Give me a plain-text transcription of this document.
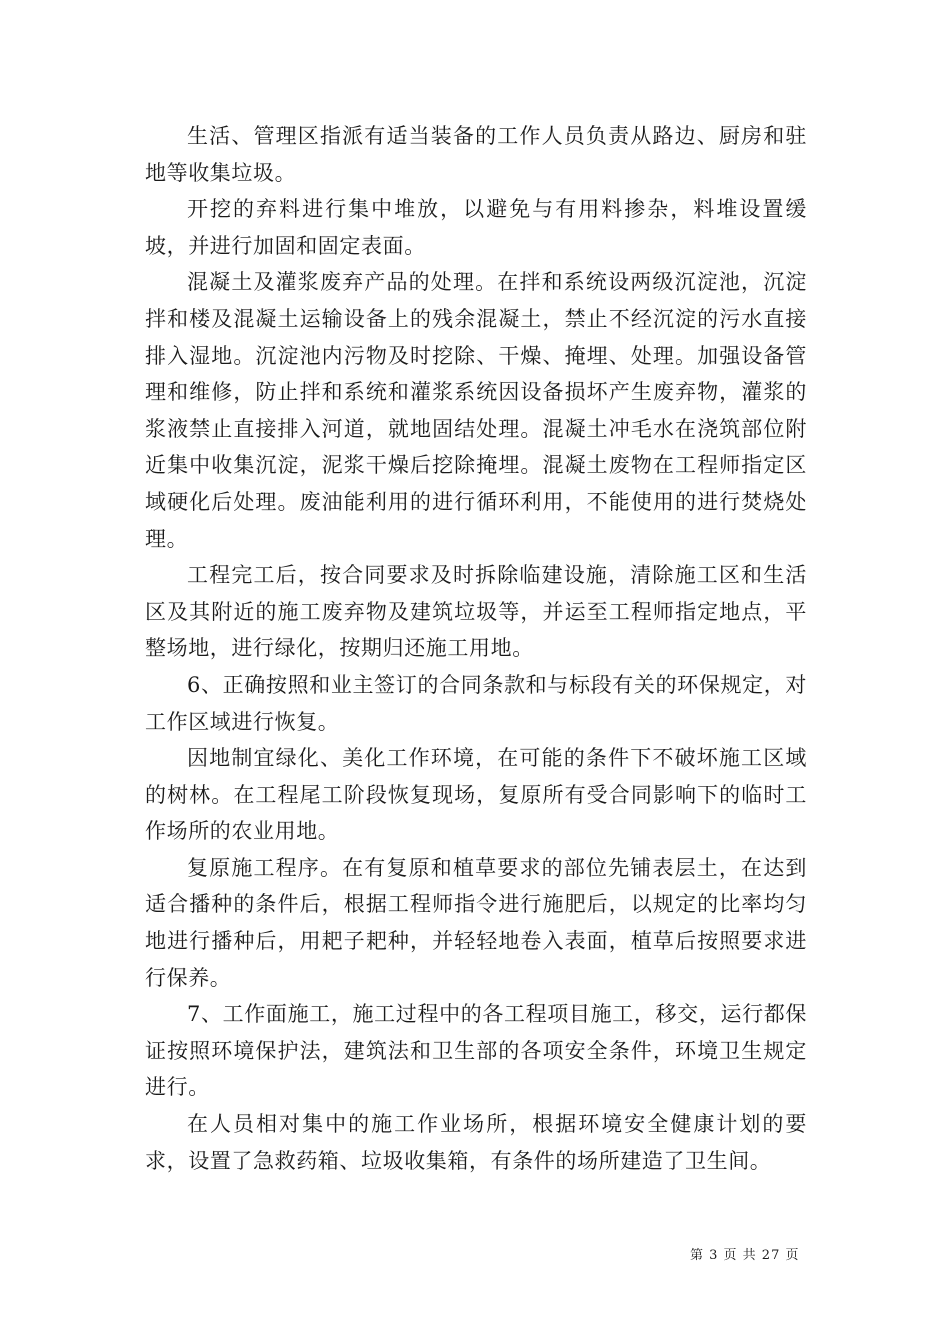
生活、管理区指派有适当装备的工作人员负责从路边、厨房和驻地等收集垃圾。

开挖的弃料进行集中堆放，以避免与有用料掺杂，料堆设置缓坡，并进行加固和固定表面。

混凝土及灌浆废弃产品的处理。在拌和系统设两级沉淀池，沉淀拌和楼及混凝土运输设备上的残余混凝土，禁止不经沉淀的污水直接排入湿地。沉淀池内污物及时挖除、干燥、掩埋、处理。加强设备管理和维修，防止拌和系统和灌浆系统因设备损坏产生废弃物，灌浆的浆液禁止直接排入河道，就地固结处理。混凝土冲毛水在浇筑部位附近集中收集沉淀，泥浆干燥后挖除掩埋。混凝土废物在工程师指定区域硬化后处理。废油能利用的进行循环利用，不能使用的进行焚烧处理。

工程完工后，按合同要求及时拆除临建设施，清除施工区和生活区及其附近的施工废弃物及建筑垃圾等，并运至工程师指定地点，平整场地，进行绿化，按期归还施工用地。

6、正确按照和业主签订的合同条款和与标段有关的环保规定，对工作区域进行恢复。

因地制宜绿化、美化工作环境，在可能的条件下不破坏施工区域的树林。在工程尾工阶段恢复现场，复原所有受合同影响下的临时工作场所的农业用地。

复原施工程序。在有复原和植草要求的部位先铺表层土，在达到适合播种的条件后，根据工程师指令进行施肥后，以规定的比率均匀地进行播种后，用耙子耙种，并轻轻地卷入表面，植草后按照要求进行保养。

7、工作面施工，施工过程中的各工程项目施工，移交，运行都保证按照环境保护法，建筑法和卫生部的各项安全条件，环境卫生规定进行。

在人员相对集中的施工作业场所，根据环境安全健康计划的要求，设置了急救药箱、垃圾收集箱，有条件的场所建造了卫生间。

第 3 页 共 27 页
